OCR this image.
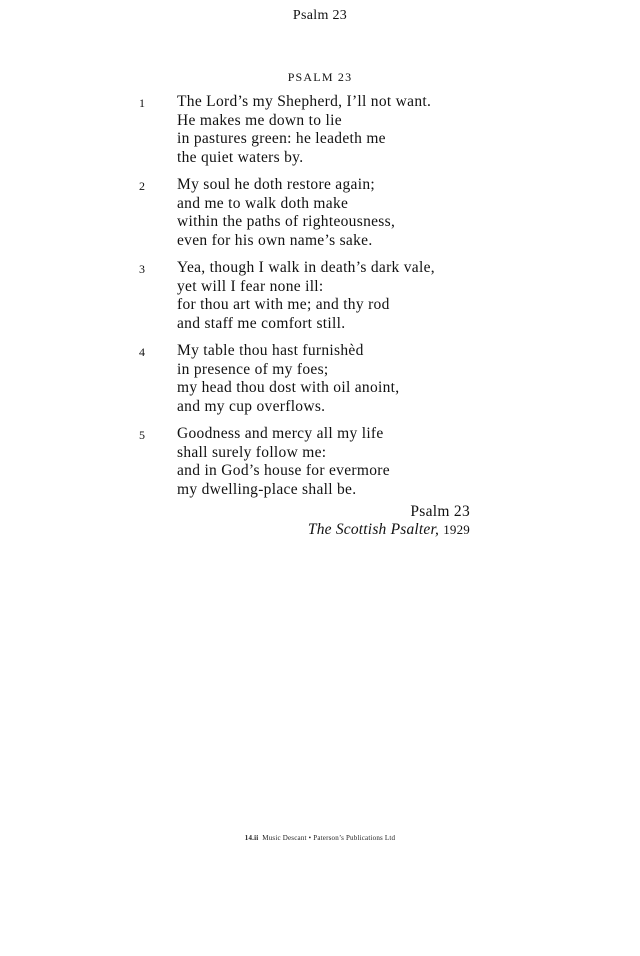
Psalm 23
PSALM 23
1 The Lord’s my Shepherd, I’ll not want.
He makes me down to lie
in pastures green: he leadeth me
the quiet waters by.
2 My soul he doth restore again;
and me to walk doth make
within the paths of righteousness,
even for his own name’s sake.
3 Yea, though I walk in death’s dark vale,
yet will I fear none ill:
for thou art with me; and thy rod
and staff me comfort still.
4 My table thou hast furnishèd
in presence of my foes;
my head thou dost with oil anoint,
and my cup overflows.
5 Goodness and mercy all my life
shall surely follow me:
and in God’s house for evermore
my dwelling-place shall be.
Psalm 23
The Scottish Psalter, 1929
14.ii Music Descant • Paterson’s Publications Ltd
